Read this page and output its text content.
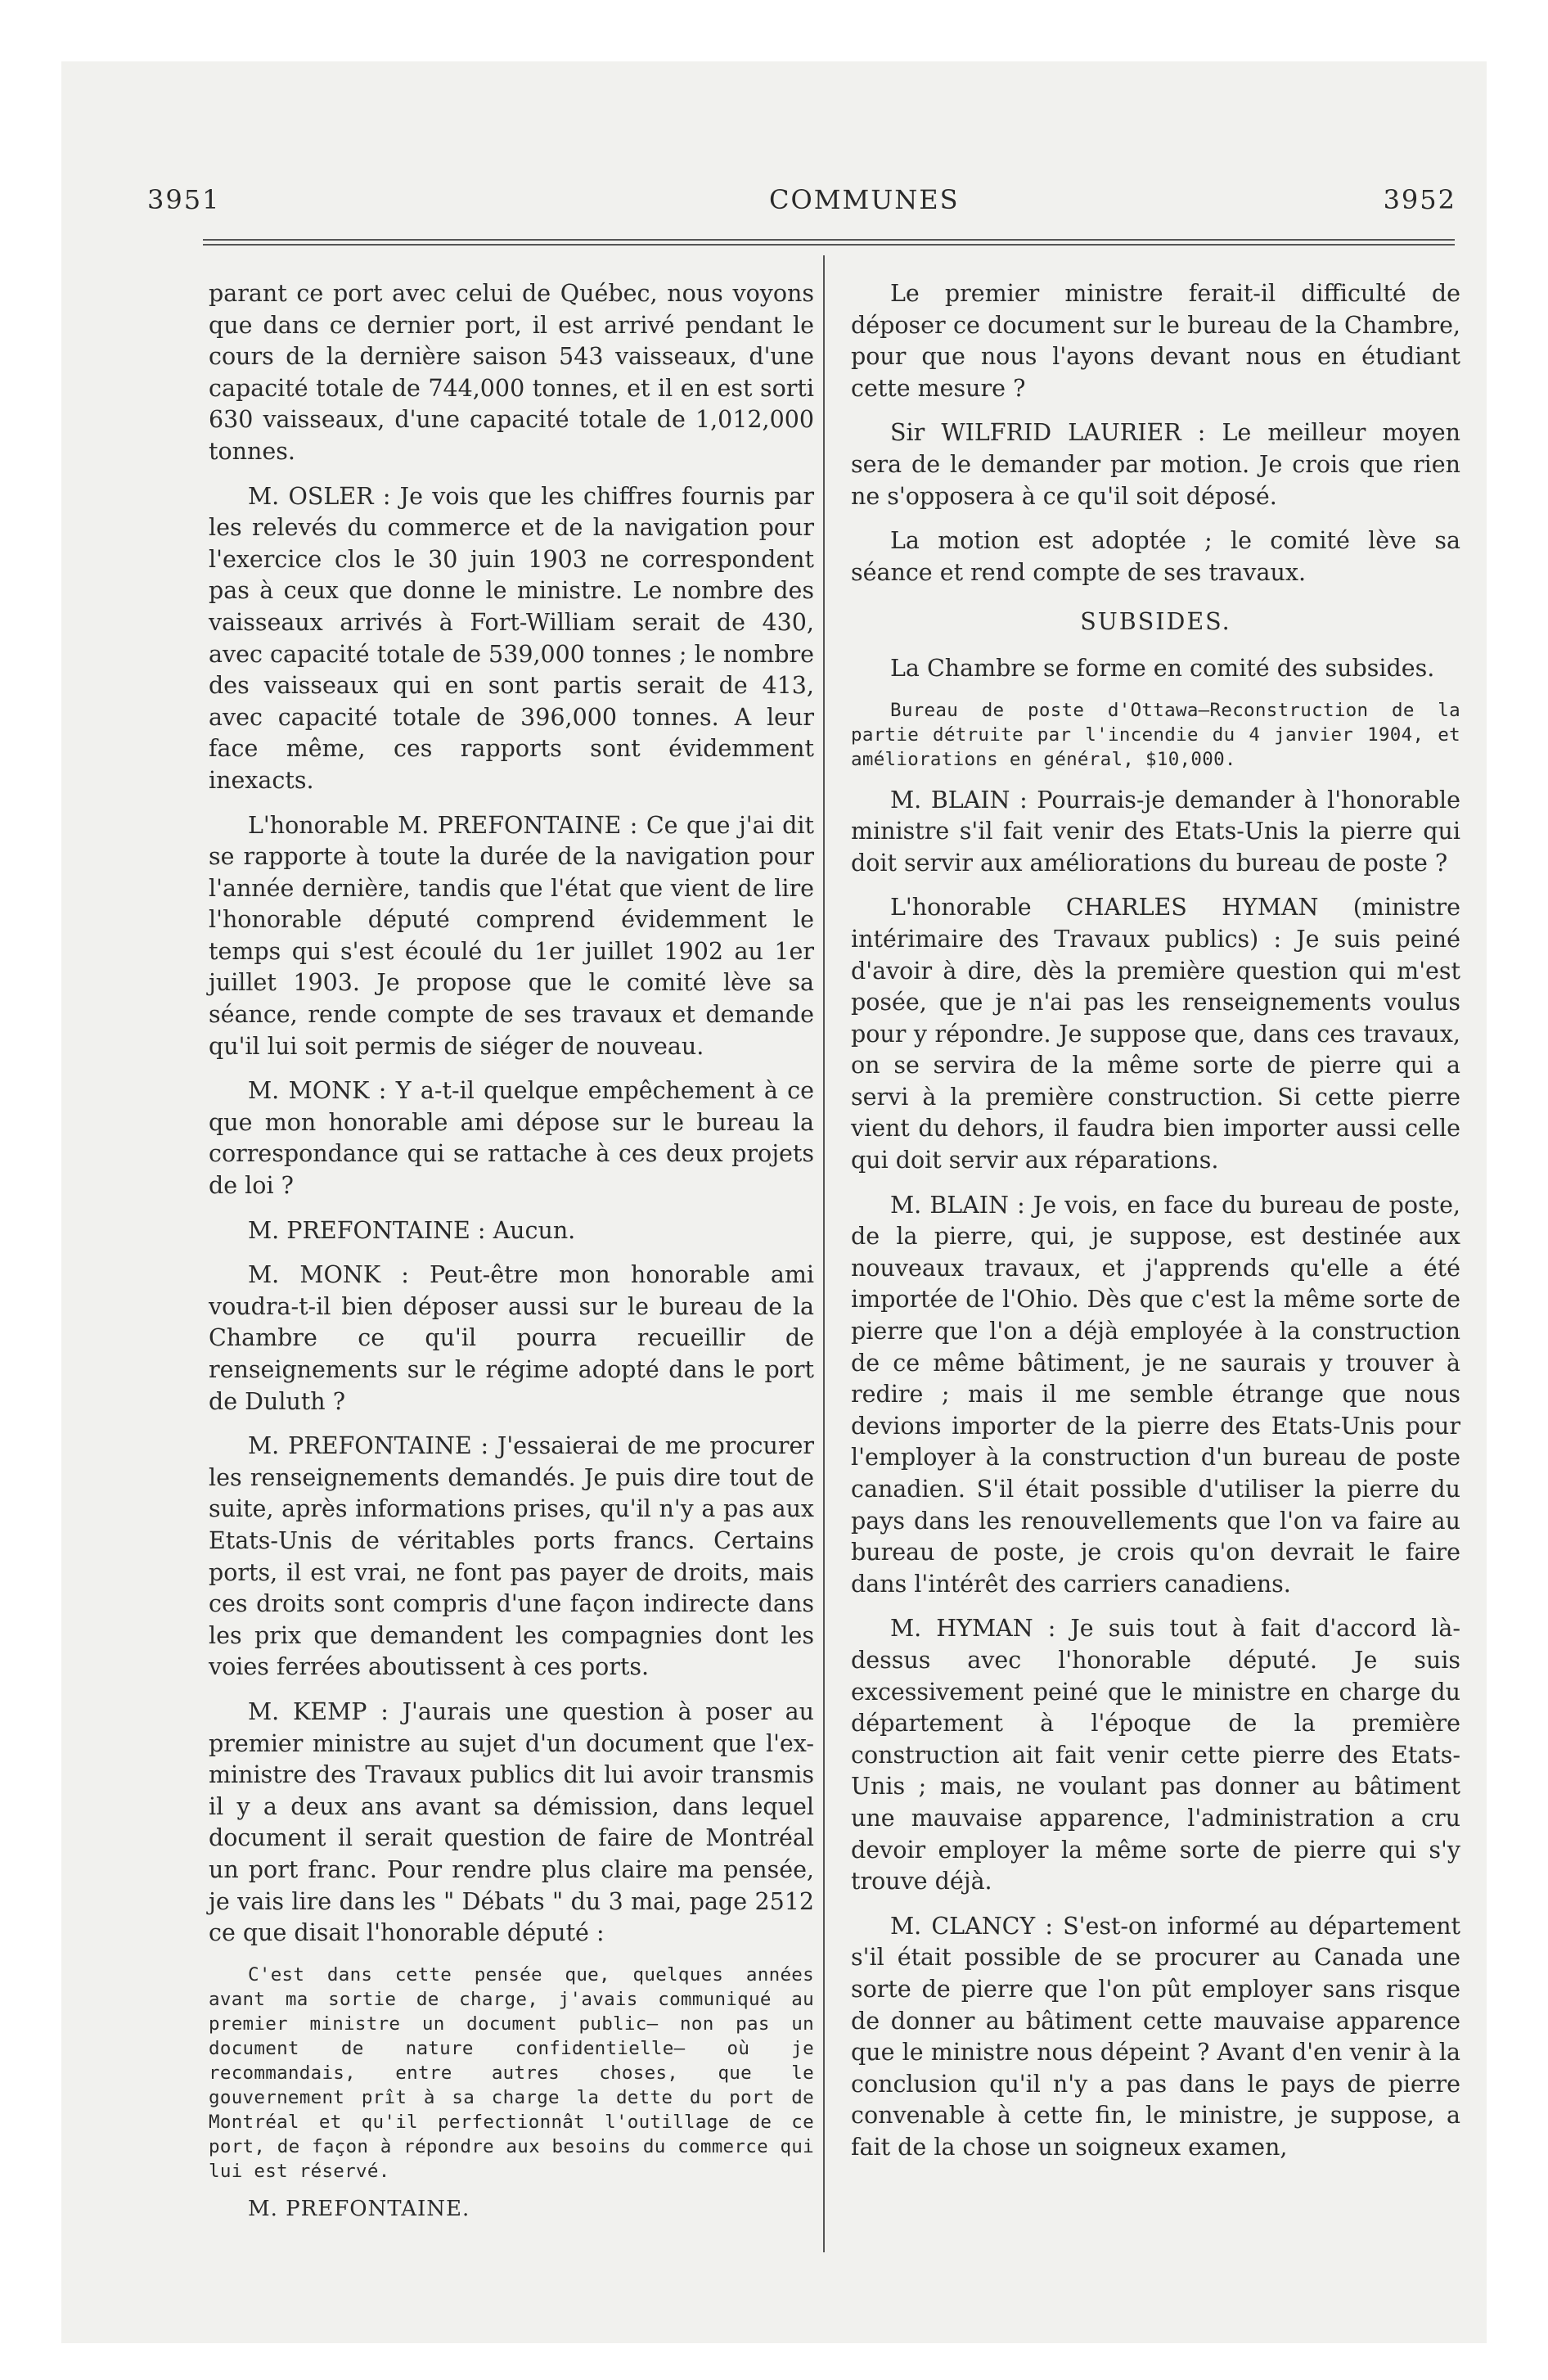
3951	COMMUNES	3952

parant ce port avec celui de Québec, nous voyons que dans ce dernier port, il est arrivé pendant le cours de la dernière saison 543 vaisseaux, d'une capacité totale de 744,000 tonnes, et il en est sorti 630 vaisseaux, d'une capacité totale de 1,012,000 tonnes.

M. OSLER : Je vois que les chiffres fournis par les relevés du commerce et de la navigation pour l'exercice clos le 30 juin 1903 ne correspondent pas à ceux que donne le ministre. Le nombre des vaisseaux arrivés à Fort-William serait de 430, avec capacité totale de 539,000 tonnes ; le nombre des vaisseaux qui en sont partis serait de 413, avec capacité totale de 396,000 tonnes. A leur face même, ces rapports sont évidemment inexacts.

L'honorable M. PREFONTAINE : Ce que j'ai dit se rapporte à toute la durée de la navigation pour l'année dernière, tandis que l'état que vient de lire l'honorable député comprend évidemment le temps qui s'est écoulé du 1er juillet 1902 au 1er juillet 1903. Je propose que le comité lève sa séance, rende compte de ses travaux et demande qu'il lui soit permis de siéger de nouveau.

M. MONK : Y a-t-il quelque empêchement à ce que mon honorable ami dépose sur le bureau la correspondance qui se rattache à ces deux projets de loi ?

M. PREFONTAINE : Aucun.

M. MONK : Peut-être mon honorable ami voudra-t-il bien déposer aussi sur le bureau de la Chambre ce qu'il pourra recueillir de renseignements sur le régime adopté dans le port de Duluth ?

M. PREFONTAINE : J'essaierai de me procurer les renseignements demandés. Je puis dire tout de suite, après informations prises, qu'il n'y a pas aux Etats-Unis de véritables ports francs. Certains ports, il est vrai, ne font pas payer de droits, mais ces droits sont compris d'une façon indirecte dans les prix que demandent les compagnies dont les voies ferrées aboutissent à ces ports.

M. KEMP : J'aurais une question à poser au premier ministre au sujet d'un document que l'ex-ministre des Travaux publics dit lui avoir transmis il y a deux ans avant sa démission, dans lequel document il serait question de faire de Montréal un port franc. Pour rendre plus claire ma pensée, je vais lire dans les " Débats " du 3 mai, page 2512 ce que disait l'honorable député :

C'est dans cette pensée que, quelques années avant ma sortie de charge, j'avais communiqué au premier ministre un document public— non pas un document de nature confidentielle— où je recommandais, entre autres choses, que le gouvernement prît à sa charge la dette du port de Montréal et qu'il perfectionnât l'outillage de ce port, de façon à répondre aux besoins du commerce qui lui est réservé.

M. PREFONTAINE.

Le premier ministre ferait-il difficulté de déposer ce document sur le bureau de la Chambre, pour que nous l'ayons devant nous en étudiant cette mesure ?

Sir WILFRID LAURIER : Le meilleur moyen sera de le demander par motion. Je crois que rien ne s'opposera à ce qu'il soit déposé.

La motion est adoptée ; le comité lève sa séance et rend compte de ses travaux.

SUBSIDES.

La Chambre se forme en comité des subsides.

Bureau de poste d'Ottawa—Reconstruction de la partie détruite par l'incendie du 4 janvier 1904, et améliorations en général, $10,000.

M. BLAIN : Pourrais-je demander à l'honorable ministre s'il fait venir des Etats-Unis la pierre qui doit servir aux améliorations du bureau de poste ?

L'honorable CHARLES HYMAN (ministre intérimaire des Travaux publics) : Je suis peiné d'avoir à dire, dès la première question qui m'est posée, que je n'ai pas les renseignements voulus pour y répondre. Je suppose que, dans ces travaux, on se servira de la même sorte de pierre qui a servi à la première construction. Si cette pierre vient du dehors, il faudra bien importer aussi celle qui doit servir aux réparations.

M. BLAIN : Je vois, en face du bureau de poste, de la pierre, qui, je suppose, est destinée aux nouveaux travaux, et j'apprends qu'elle a été importée de l'Ohio. Dès que c'est la même sorte de pierre que l'on a déjà employée à la construction de ce même bâtiment, je ne saurais y trouver à redire ; mais il me semble étrange que nous devions importer de la pierre des Etats-Unis pour l'employer à la construction d'un bureau de poste canadien. S'il était possible d'utiliser la pierre du pays dans les renouvellements que l'on va faire au bureau de poste, je crois qu'on devrait le faire dans l'intérêt des carriers canadiens.

M. HYMAN : Je suis tout à fait d'accord là-dessus avec l'honorable député. Je suis excessivement peiné que le ministre en charge du département à l'époque de la première construction ait fait venir cette pierre des Etats-Unis ; mais, ne voulant pas donner au bâtiment une mauvaise apparence, l'administration a cru devoir employer la même sorte de pierre qui s'y trouve déjà.

M. CLANCY : S'est-on informé au département s'il était possible de se procurer au Canada une sorte de pierre que l'on pût employer sans risque de donner au bâtiment cette mauvaise apparence que le ministre nous dépeint ? Avant d'en venir à la conclusion qu'il n'y a pas dans le pays de pierre convenable à cette fin, le ministre, je suppose, a fait de la chose un soigneux examen,
